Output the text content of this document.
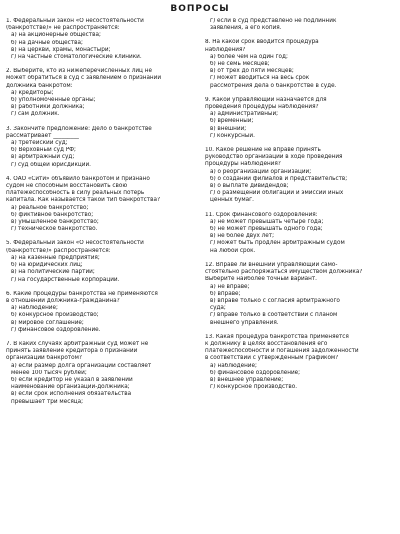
ВОПРОСЫ
1. Федеральный закон «О несостоятельности
(банкротстве)» не распространяется:
а) на акционерные общества;
б) на дачные общества;
в) на церкви, храмы, монастыри;
г) на частные стоматологические клиники.
2. Выберите, кто из нижеперечисленных лиц не
может обратиться в суд с заявлением о признании
должника банкротом:
а) кредиторы;
б) уполномоченные органы;
в) работники должника;
г) сам должник.
3. Закончите предложение: Дело о банкротстве
рассматривает _________
а) третейский суд;
б) Верховный суд РФ;
в) арбитражный суд;
г) суд общей юрисдикции.
4. ОАО «Сити» объявило банкротом и признано
судом не способным восстановить свою
платежеспособность в силу реальных потерь
капитала. Как называется такой тип банкротства?
а) реальное банкротство;
б) фиктивное банкротство;
в) умышленное банкротство;
г) техническое банкротство.
5. Федеральный закон «О несостоятельности
(банкротстве)» распространяется:
а) на казенные предприятия;
б) на юридических лиц;
в) на политические партии;
г) на государственные корпорации.
6. Какие процедуры банкротства не применяются
в отношении должника-гражданина?
а) наблюдение;
б) конкурсное производство;
в) мировое соглашение;
г) финансовое оздоровление.
7. В каких случаях арбитражный суд может не
принять заявление кредитора о признании
организации банкротом?
а) если размер долга организации составляет
менее 100 тысяч рублей;
б) если кредитор не указал в заявлении
наименование организации-должника;
в) если срок исполнения обязательства
превышает три месяца;
г) если в суд представлено не подлинник
заявления, а его копия.
8. На какой срок вводится процедура
наблюдения?
а) более чем на один год;
б) не семь месяцев;
в) от трех до пяти месяцев;
г) может вводиться на весь срок
рассмотрения дела о банкротстве в суде.
9. Какой управляющий назначается для
проведения процедуры наблюдения?
а) административный;
б) временный;
в) внешний;
г) конкурсный.
10. Какое решение не вправе принять
руководство организации в ходе проведения
процедуры наблюдения?
а) о реорганизации организации;
б) о создании филиалов и представительств;
в) о выплате дивидендов;
г) о размещении облигаций и эмиссии иных
ценных бумаг.
11. Срок финансового оздоровления:
а) не может превышать четыре года;
б) не может превышать одного года;
в) не более двух лет;
г) может быть продлен арбитражным судом
на любой срок.
12. Вправе ли внешний управляющий само-
стоятельно распоряжаться имуществом должника?
Выберите наиболее точный вариант.
а) не вправе;
б) вправе;
в) вправе только с согласия арбитражного
суда;
г) вправе только в соответствии с планом
внешнего управления.
13. Какая процедура банкротства применяется
к должнику в целях восстановления его
платежеспособности и погашения задолженности
в соответствии с утвержденным графиком?
а) наблюдение;
б) финансовое оздоровление;
в) внешнее управление;
г) конкурсное производство.
